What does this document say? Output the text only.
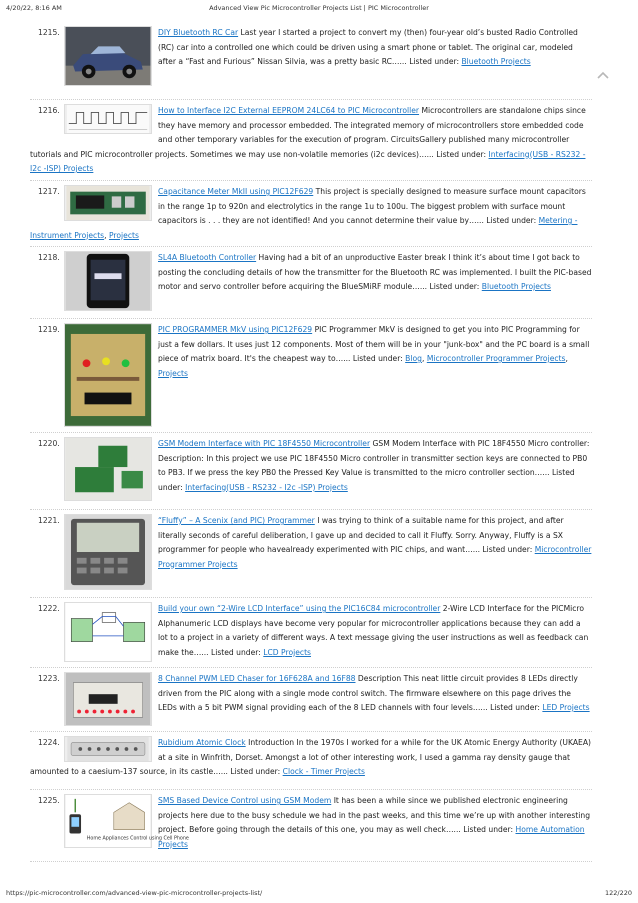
4/20/22, 8:16 AM	Advanced View Pic Microcontroller Projects List | PIC Microcontroller
1215.	DIY Bluetooth RC Car Last year I started a project to convert my (then) four-year old’s busted Radio Controlled (RC) car into a controlled one which could be driven using a smart phone or tablet. The original car, modeled after a “Fast and Furious” Nissan Silvia, was a pretty basic RC…... Listed under: Bluetooth Projects
1216.	How to Interface I2C External EEPROM 24LC64 to PIC Microcontroller Microcontrollers are standalone chips since they have memory and processor embedded. The integrated memory of microcontrollers store embedded code and other temporary variables for the execution of program. CircuitsGallery published many microcontroller tutorials and PIC microcontroller projects. Sometimes we may use non-volatile memories (i2c devices)…... Listed under: Interfacing(USB - RS232 - I2c -ISP) Projects
1217.	Capacitance Meter MkII using PIC12F629 This project is specially designed to measure surface mount capacitors in the range 1p to 920n and electrolytics in the range 1u to 100u. The biggest problem with surface mount capacitors is . . . they are not identified! And you cannot determine their value by…... Listed under: Metering - Instrument Projects, Projects
1218.	SL4A Bluetooth Controller Having had a bit of an unproductive Easter break I think it’s about time I got back to posting the concluding details of how the transmitter for the Bluetooth RC was implemented. I built the PIC-based motor and servo controller before acquiring the BlueSMiRF module…... Listed under: Bluetooth Projects
1219.	PIC PROGRAMMER MkV using PIC12F629 PIC Programmer MkV is designed to get you into PIC Programming for just a few dollars. It uses just 12 components. Most of them will be in your "junk-box" and the PC board is a small piece of matrix board. It's the cheapest way to…... Listed under: Blog, Microcontroller Programmer Projects, Projects
1220.	GSM Modem Interface with PIC 18F4550 Microcontroller GSM Modem Interface with PIC 18F4550 Micro controller: Description: In this project we use PIC 18F4550 Micro controller in transmitter section keys are connected to PB0 to PB3. If we press the key PB0 the Pressed Key Value is transmitted to the micro controller section…... Listed under: Interfacing(USB - RS232 - I2c -ISP) Projects
1221.	“Fluffy” – A Scenix (and PIC) Programmer I was trying to think of a suitable name for this project, and after literally seconds of careful deliberation, I gave up and decided to call it Fluffy. Sorry. Anyway, Fluffy is a SX programmer for people who havealready experimented with PIC chips, and want…... Listed under: Microcontroller Programmer Projects
1222.	Build your own “2-Wire LCD Interface” using the PIC16C84 microcontroller 2-Wire LCD Interface for the PICMicro Alphanumeric LCD displays have become very popular for microcontroller applications because they can add a lot to a project in a variety of different ways. A text message giving the user instructions as well as feedback can make the…... Listed under: LCD Projects
1223.	8 Channel PWM LED Chaser for 16F628A and 16F88 Description This neat little circuit provides 8 LEDs directly driven from the PIC along with a single mode control switch. The firmware elsewhere on this page drives the LEDs with a 5 bit PWM signal providing each of the 8 LED channels with four levels…... Listed under: LED Projects
1224.	Rubidium Atomic Clock Introduction In the 1970s I worked for a while for the UK Atomic Energy Authority (UKAEA) at a site in Winfrith, Dorset. Amongst a lot of other interesting work, I used a gamma ray density gauge that amounted to a caesium-137 source, in its castle…... Listed under: Clock - Timer Projects
1225.
Home Appliances Control using Cell Phone
SMS Based Device Control using GSM Modem It has been a while since we published electronic engineering projects here due to the busy schedule we had in the past weeks, and this time we’re up with another interesting project. Before going through the details of this one, you may as well check…... Listed under: Home Automation Projects
https://pic-microcontroller.com/advanced-view-pic-microcontroller-projects-list/	122/220
